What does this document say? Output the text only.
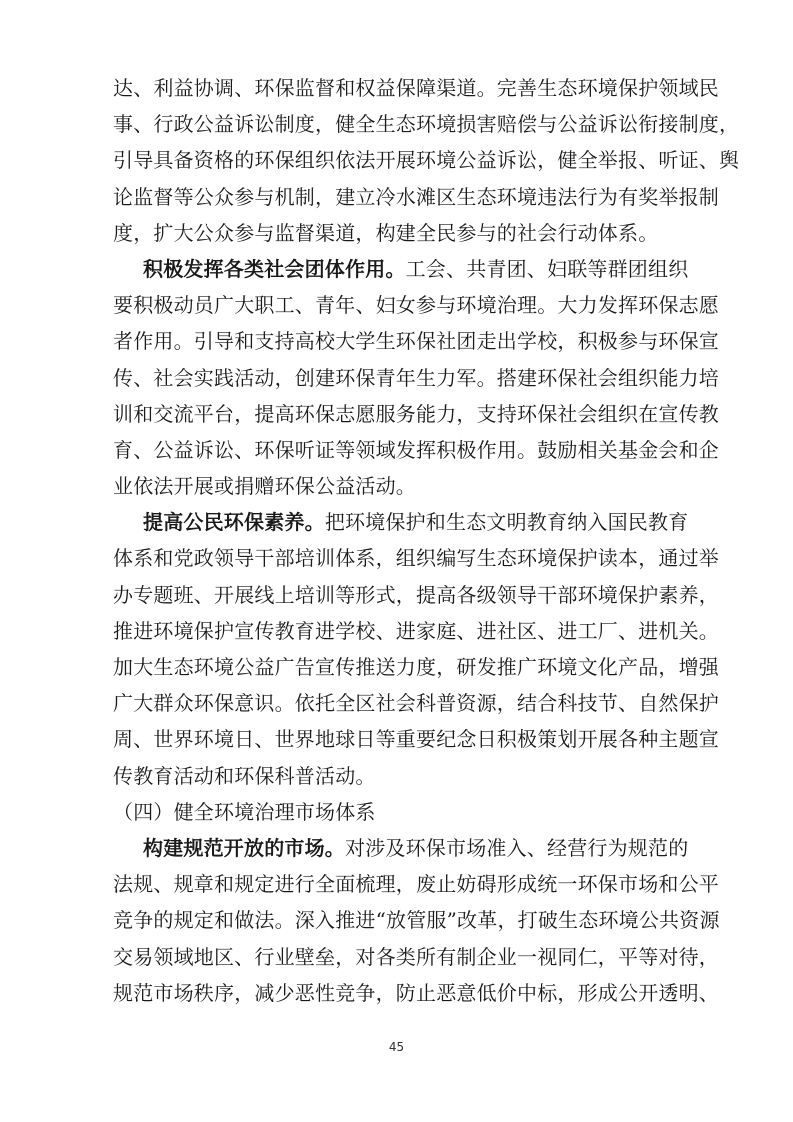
达、利益协调、环保监督和权益保障渠道。完善生态环境保护领域民
事、行政公益诉讼制度，健全生态环境损害赔偿与公益诉讼衔接制度，
引导具备资格的环保组织依法开展环境公益诉讼，健全举报、听证、舆
论监督等公众参与机制，建立冷水滩区生态环境违法行为有奖举报制
度，扩大公众参与监督渠道，构建全民参与的社会行动体系。
积极发挥各类社会团体作用。工会、共青团、妇联等群团组织
要积极动员广大职工、青年、妇女参与环境治理。大力发挥环保志愿
者作用。引导和支持高校大学生环保社团走出学校，积极参与环保宣
传、社会实践活动，创建环保青年生力军。搭建环保社会组织能力培
训和交流平台，提高环保志愿服务能力，支持环保社会组织在宣传教
育、公益诉讼、环保听证等领域发挥积极作用。鼓励相关基金会和企
业依法开展或捐赠环保公益活动。
提高公民环保素养。把环境保护和生态文明教育纳入国民教育
体系和党政领导干部培训体系，组织编写生态环境保护读本，通过举
办专题班、开展线上培训等形式，提高各级领导干部环境保护素养，
推进环境保护宣传教育进学校、进家庭、进社区、进工厂、进机关。
加大生态环境公益广告宣传推送力度，研发推广环境文化产品，增强
广大群众环保意识。依托全区社会科普资源，结合科技节、自然保护
周、世界环境日、世界地球日等重要纪念日积极策划开展各种主题宣
传教育活动和环保科普活动。
（四）健全环境治理市场体系
构建规范开放的市场。对涉及环保市场准入、经营行为规范的
法规、规章和规定进行全面梳理，废止妨碍形成统一环保市场和公平
竞争的规定和做法。深入推进“放管服”改革，打破生态环境公共资源
交易领域地区、行业壁垒，对各类所有制企业一视同仁，平等对待，
规范市场秩序，减少恶性竞争，防止恶意低价中标，形成公开透明、
45
